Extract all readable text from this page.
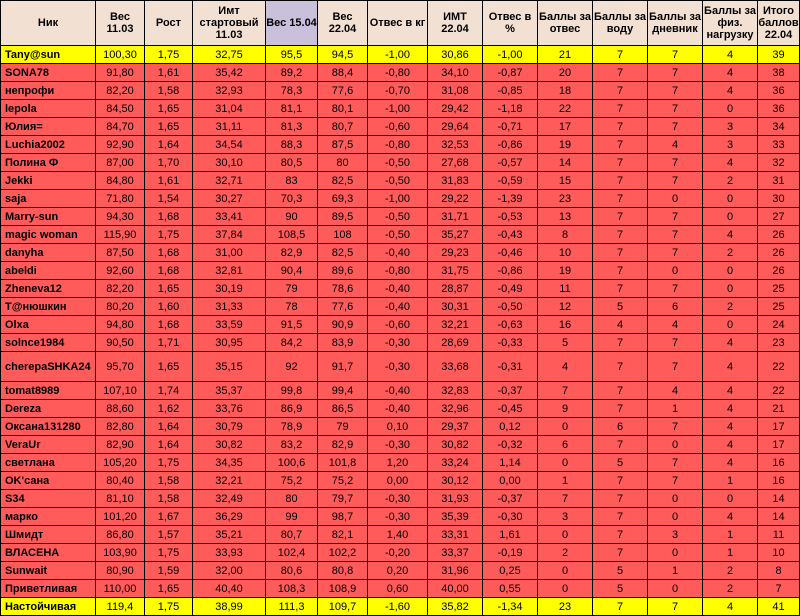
Ник	Вес 11.03	Рост	Имт стартовый 11.03	Вес 15.04	Вес 22.04	Отвес в кг	ИМТ 22.04	Отвес в %	Баллы за отвес	Баллы за воду	Баллы за дневник	Баллы за физ. нагрузку	Итого баллов 22.04
Tany@sun	100,30	1,75	32,75	95,5	94,5	-1,00	30,86	-1,00	21	7	7	4	39
SONA78	91,80	1,61	35,42	89,2	88,4	-0,80	34,10	-0,87	20	7	7	4	38
непрофи	82,20	1,58	32,93	78,3	77,6	-0,70	31,08	-0,85	18	7	7	4	36
lepola	84,50	1,65	31,04	81,1	80,1	-1,00	29,42	-1,18	22	7	7	0	36
Юлия=	84,70	1,65	31,11	81,3	80,7	-0,60	29,64	-0,71	17	7	7	3	34
Luchia2002	92,90	1,64	34,54	88,3	87,5	-0,80	32,53	-0,86	19	7	4	3	33
Полина Ф	87,00	1,70	30,10	80,5	80	-0,50	27,68	-0,57	14	7	7	4	32
Jekki	84,80	1,61	32,71	83	82,5	-0,50	31,83	-0,59	15	7	7	2	31
saja	71,80	1,54	30,27	70,3	69,3	-1,00	29,22	-1,39	23	7	0	0	30
Marry-sun	94,30	1,68	33,41	90	89,5	-0,50	31,71	-0,53	13	7	7	0	27
magic woman	115,90	1,75	37,84	108,5	108	-0,50	35,27	-0,43	8	7	7	4	26
danyha	87,50	1,68	31,00	82,9	82,5	-0,40	29,23	-0,46	10	7	7	2	26
abeldi	92,60	1,68	32,81	90,4	89,6	-0,80	31,75	-0,86	19	7	0	0	26
Zheneva12	82,20	1,65	30,19	79	78,6	-0,40	28,87	-0,49	11	7	7	0	25
T@нюшкин	80,20	1,60	31,33	78	77,6	-0,40	30,31	-0,50	12	5	6	2	25
Olxa	94,80	1,68	33,59	91,5	90,9	-0,60	32,21	-0,63	16	4	4	0	24
solnce1984	90,50	1,71	30,95	84,2	83,9	-0,30	28,69	-0,33	5	7	7	4	23
cherepaSHKA24	95,70	1,65	35,15	92	91,7	-0,30	33,68	-0,31	4	7	7	4	22
tomat8989	107,10	1,74	35,37	99,8	99,4	-0,40	32,83	-0,37	7	7	4	4	22
Dereza	88,60	1,62	33,76	86,9	86,5	-0,40	32,96	-0,45	9	7	1	4	21
Оксана131280	82,80	1,64	30,79	78,9	79	0,10	29,37	0,12	0	6	7	4	17
VeraUr	82,90	1,64	30,82	83,2	82,9	-0,30	30,82	-0,32	6	7	0	4	17
cветлана	105,20	1,75	34,35	100,6	101,8	1,20	33,24	1,14	0	5	7	4	16
OK'сана	80,40	1,58	32,21	75,2	75,2	0,00	30,12	0,00	1	7	7	1	16
S34	81,10	1,58	32,49	80	79,7	-0,30	31,93	-0,37	7	7	0	0	14
марко	101,20	1,67	36,29	99	98,7	-0,30	35,39	-0,30	3	7	0	4	14
Шмидт	86,80	1,57	35,21	80,7	82,1	1,40	33,31	1,61	0	7	3	1	11
ВЛАСЕНА	103,90	1,75	33,93	102,4	102,2	-0,20	33,37	-0,19	2	7	0	1	10
Sunwait	80,90	1,59	32,00	80,6	80,8	0,20	31,96	0,25	0	5	1	2	8
Приветливая	110,00	1,65	40,40	108,3	108,9	0,60	40,00	0,55	0	5	0	2	7
Настойчивая	119,4	1,75	38,99	111,3	109,7	-1,60	35,82	-1,34	23	7	7	4	41
